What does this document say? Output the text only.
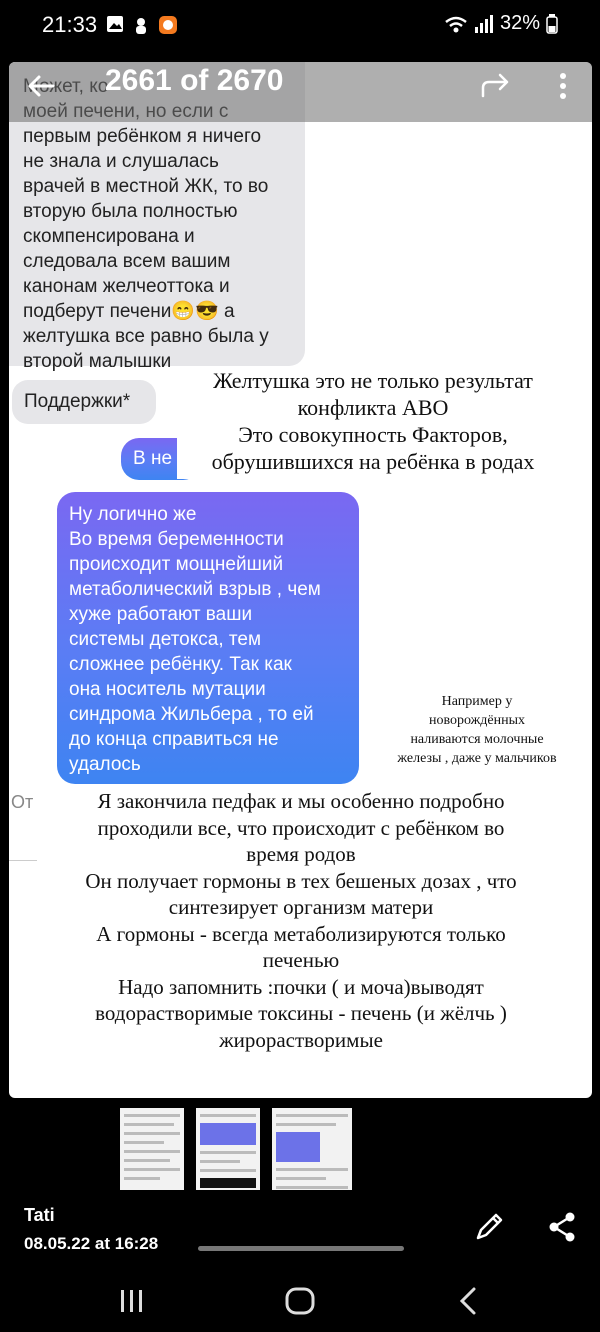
21:33	32%
первым ребёнком я ничего
не знала и слушалась
врачей в местной ЖК, то во
вторую была полностью
скомпенсирована и
следовала всем вашим
канонам желчеоттока и
подберут печени😁😎 а
желтушка все равно была у
второй малышки
Поддержки*
В не
Желтушка это не только результат
конфликта АВО
Это совокупность Факторов,
обрушившихся на ребёнка в родах
Ну логично же
Во время беременности
происходит мощнейший
метаболический взрыв , чем
хуже работают ваши
системы детокса, тем
сложнее ребёнку. Так как
она носитель мутации
синдрома Жильбера , то ей
до конца справиться не
удалось
Например у
новорождённых
наливаются молочные
железы , даже у мальчиков
От	Я закончила педфак и мы особенно подробно
проходили все, что происходит с ребёнком во
время родов
Он получает гормоны в тех бешеных дозах , что
синтезирует организм матери
А гормоны - всегда метаболизируются только
печенью
Надо запомнить :почки ( и моча)выводят
водорастворимые токсины - печень (и жёлчь )
жирорастворимые
2661 of 2670
Tati
08.05.22 at 16:28
